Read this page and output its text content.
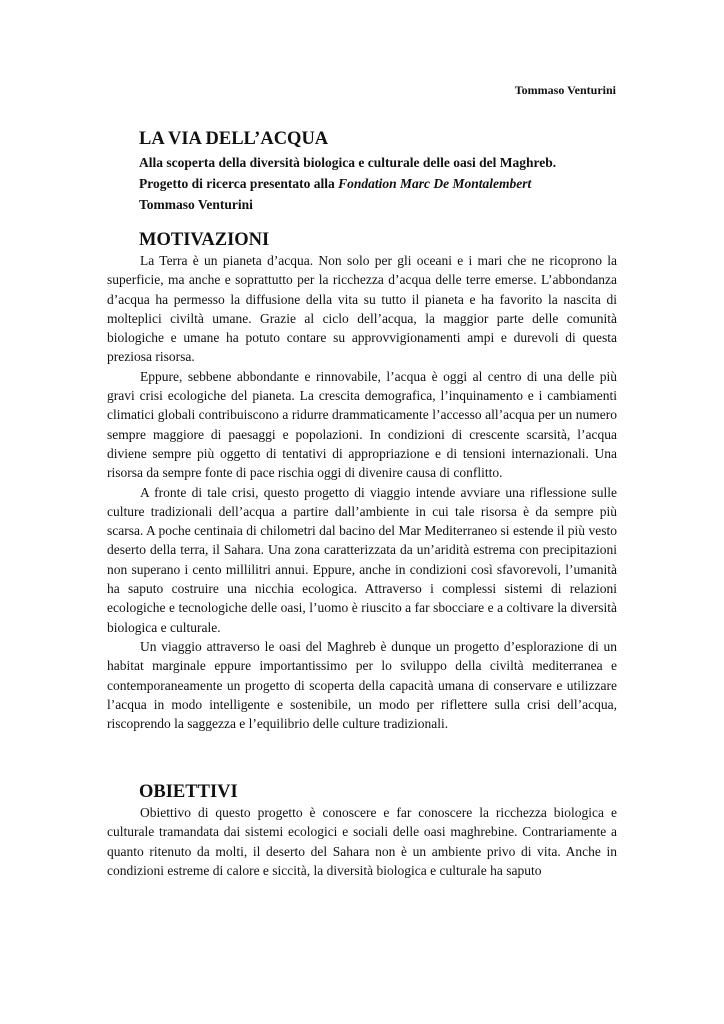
Tommaso Venturini
LA VIA DELL’ACQUA
Alla scoperta della diversità biologica e culturale delle oasi del Maghreb.
Progetto di ricerca presentato alla Fondation Marc De Montalembert
Tommaso Venturini
MOTIVAZIONI

La Terra è un pianeta d’acqua. Non solo per gli oceani e i mari che ne ricoprono la superficie, ma anche e soprattutto per la ricchezza d’acqua delle terre emerse. L’abbondanza d’acqua ha permesso la diffusione della vita su tutto il pianeta e ha favorito la nascita di molteplici civiltà umane. Grazie al ciclo dell’acqua, la maggior parte delle comunità biologiche e umane ha potuto contare su approvvigionamenti ampi e durevoli di questa preziosa risorsa.

Eppure, sebbene abbondante e rinnovabile, l’acqua è oggi al centro di una delle più gravi crisi ecologiche del pianeta. La crescita demografica, l’inquinamento e i cambiamenti climatici globali contribuiscono a ridurre drammaticamente l’accesso all’acqua per un numero sempre maggiore di paesaggi e popolazioni. In condizioni di crescente scarsità, l’acqua diviene sempre più oggetto di tentativi di appropriazione e di tensioni internazionali. Una risorsa da sempre fonte di pace rischia oggi di divenire causa di conflitto.

A fronte di tale crisi, questo progetto di viaggio intende avviare una riflessione sulle culture tradizionali dell’acqua a partire dall’ambiente in cui tale risorsa è da sempre più scarsa. A poche centinaia di chilometri dal bacino del Mar Mediterraneo si estende il più vesto deserto della terra, il Sahara. Una zona caratterizzata da un’aridità estrema con precipitazioni non superano i cento millilitri annui. Eppure, anche in condizioni così sfavorevoli, l’umanità ha saputo costruire una nicchia ecologica. Attraverso i complessi sistemi di relazioni ecologiche e tecnologiche delle oasi, l’uomo è riuscito a far sbocciare e a coltivare la diversità biologica e culturale.

Un viaggio attraverso le oasi del Maghreb è dunque un progetto d’esplorazione di un habitat marginale eppure importantissimo per lo sviluppo della civiltà mediterranea e contemporaneamente un progetto di scoperta della capacità umana di conservare e utilizzare l’acqua in modo intelligente e sostenibile, un modo per riflettere sulla crisi dell’acqua, riscoprendo la saggezza e l’equilibrio delle culture tradizionali.

OBIETTIVI

Obiettivo di questo progetto è conoscere e far conoscere la ricchezza biologica e culturale tramandata dai sistemi ecologici e sociali delle oasi maghrebine. Contrariamente a quanto ritenuto da molti, il deserto del Sahara non è un ambiente privo di vita. Anche in condizioni estreme di calore e siccità, la diversità biologica e culturale ha saputo
